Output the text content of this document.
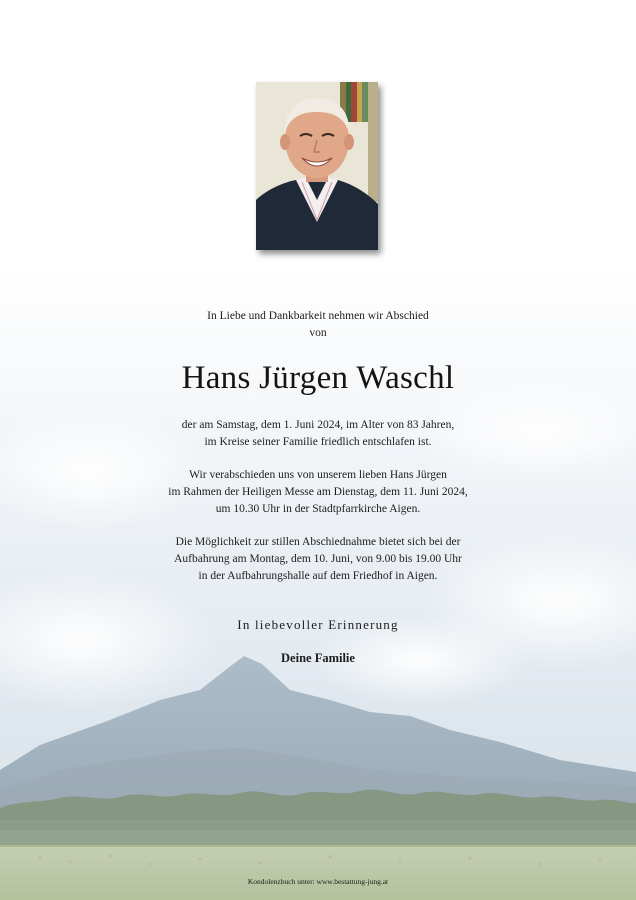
In Liebe und Dankbarkeit nehmen wir Abschied
von
Hans Jürgen Waschl
der am Samstag, dem 1. Juni 2024, im Alter von 83 Jahren,
im Kreise seiner Familie friedlich entschlafen ist.
Wir verabschieden uns von unserem lieben Hans Jürgen
im Rahmen der Heiligen Messe am Dienstag, dem 11. Juni 2024,
um 10.30 Uhr in der Stadtpfarrkirche Aigen.
Die Möglichkeit zur stillen Abschiednahme bietet sich bei der
Aufbahrung am Montag, dem 10. Juni, von 9.00 bis 19.00 Uhr
in der Aufbahrungshalle auf dem Friedhof in Aigen.
In liebevoller Erinnerung
Deine Familie
Kondolenzbuch unter: www.bestattung-jung.at
